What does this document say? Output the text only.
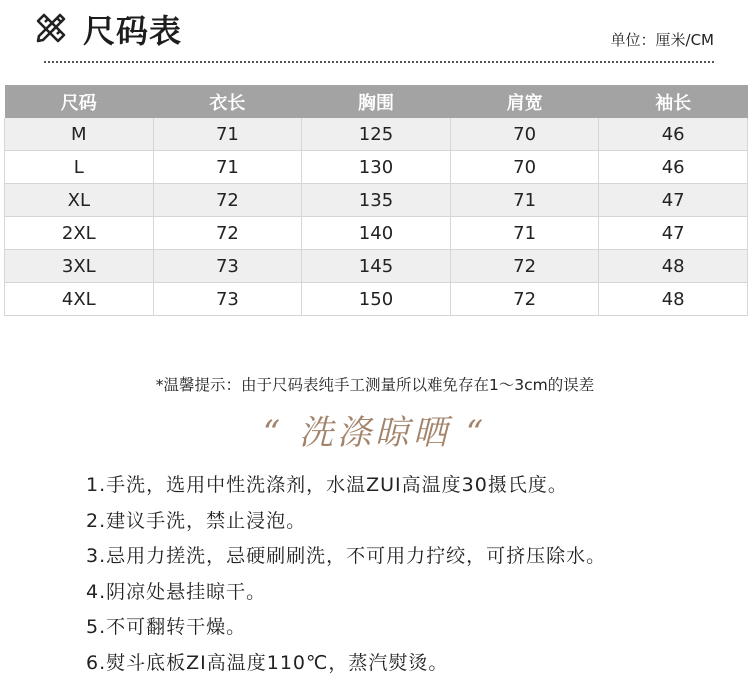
尺码表	单位：厘米/CM
尺码	衣长	胸围	肩宽	袖长
M	71	125	70	46
L	71	130	70	46
XL	72	135	71	47
2XL	72	140	71	47
3XL	73	145	72	48
4XL	73	150	72	48
*温馨提示：由于尺码表纯手工测量所以难免存在1～3cm的误差
“ 洗涤晾晒 “
1.手洗，选用中性洗涤剂，水温ZUI高温度30摄氏度。
2.建议手洗，禁止浸泡。
3.忌用力搓洗，忌硬刷刷洗，不可用力拧绞，可挤压除水。
4.阴凉处悬挂晾干。
5.不可翻转干燥。
6.熨斗底板ZI高温度110℃，蒸汽熨烫。
